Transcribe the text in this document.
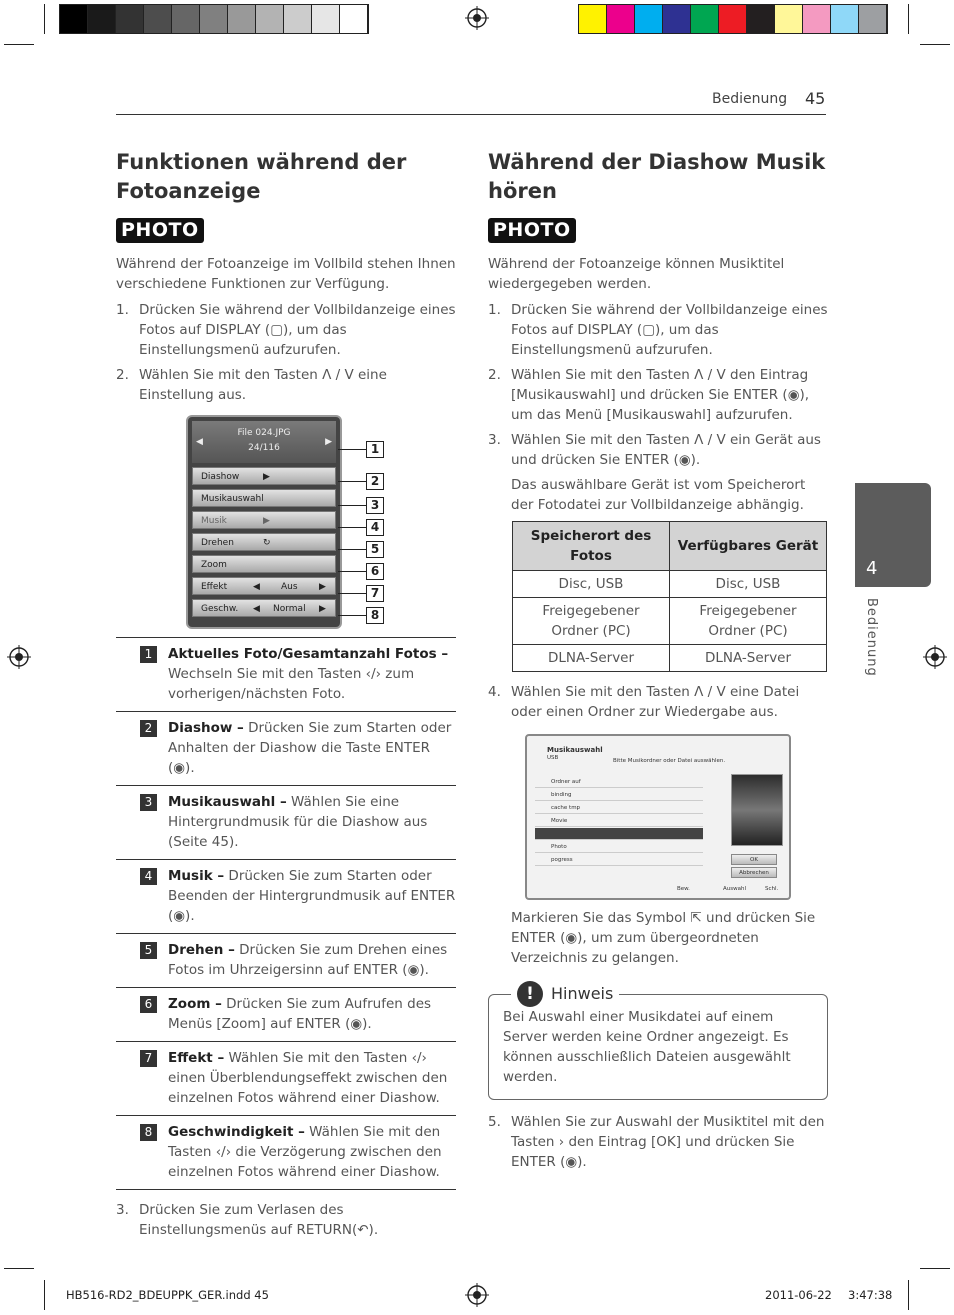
Bedienung 45
4
Bedienung
Funktionen während der Fotoanzeige
PHOTO

Während der Fotoanzeige im Vollbild stehen Ihnen verschiedene Funktionen zur Verfügung.

1. Drücken Sie während der Vollbildanzeige eines Fotos auf DISPLAY (▢), um das Einstellungsmenü aufzurufen.
2. Wählen Sie mit den Tasten Λ / V eine Einstellung aus.
◀
File 024.JPG
24/116
▶
Diashow	▶
Musikauswahl
Musik	▶
Drehen	↻
Zoom
Effekt	◀ Aus ▶
Geschw. ◀ Normal ▶
1	Aktuelles Foto/Gesamtanzahl Fotos – Wechseln Sie mit den Tasten ‹/› zum vorherigen/nächsten Foto.
2	Diashow – Drücken Sie zum Starten oder Anhalten der Diashow die Taste ENTER (◉).
3	Musikauswahl – Wählen Sie eine Hintergrundmusik für die Diashow aus (Seite 45).
4	Musik – Drücken Sie zum Starten oder Beenden der Hintergrundmusik auf ENTER (◉).
5	Drehen – Drücken Sie zum Drehen eines Fotos im Uhrzeigersinn auf ENTER (◉).
6	Zoom – Drücken Sie zum Aufrufen des Menüs [Zoom] auf ENTER (◉).
7	Effekt – Wählen Sie mit den Tasten ‹/› einen Überblendungseffekt zwischen den einzelnen Fotos während einer Diashow.
8	Geschwindigkeit – Wählen Sie mit den Tasten ‹/› die Verzögerung zwischen den einzelnen Fotos während einer Diashow.
3. Drücken Sie zum Verlasen des Einstellungsmenüs auf RETURN(↶).
1
2
3
4
5
6
7
8
Während der Diashow Musik hören
PHOTO

Während der Fotoanzeige können Musiktitel wiedergegeben werden.

1. Drücken Sie während der Vollbildanzeige eines Fotos auf DISPLAY (▢), um das Einstellungsmenü aufzurufen.
2. Wählen Sie mit den Tasten Λ / V den Eintrag [Musikauswahl] und drücken Sie ENTER (◉), um das Menü [Musikauswahl] aufzurufen.
3. Wählen Sie mit den Tasten Λ / V ein Gerät aus und drücken Sie ENTER (◉).
Das auswählbare Gerät ist vom Speicherort der Fotodatei zur Vollbildanzeige abhängig.
Speicherort des Fotos	Verfügbares Gerät
Disc, USB	Disc, USB
Freigegebener Ordner (PC)	Freigegebener Ordner (PC)
DLNA-Server	DLNA-Server
4. Wählen Sie mit den Tasten Λ / V eine Datei oder einen Ordner zur Wiedergabe aus.
Musikauswahl
USB	Bitte Musikordner oder Datei auswählen.
Ordner auf
binding
cache tmp
Movie
Photo
pogress	OK
Abbrechen
Bew.	Auswahl	Schl.

Markieren Sie das Symbol ⇱ und drücken Sie ENTER (◉), um zum übergeordneten Verzeichnis zu gelangen.

!	Hinweis
Bei Auswahl einer Musikdatei auf einem Server werden keine Ordner angezeigt. Es können ausschließlich Dateien ausgewählt werden.
5. Wählen Sie zur Auswahl der Musiktitel mit den Tasten › den Eintrag [OK] und drücken Sie ENTER (◉).
HB516-RD2_BDEUPPK_GER.indd 45	2011-06-22 3:47:38
